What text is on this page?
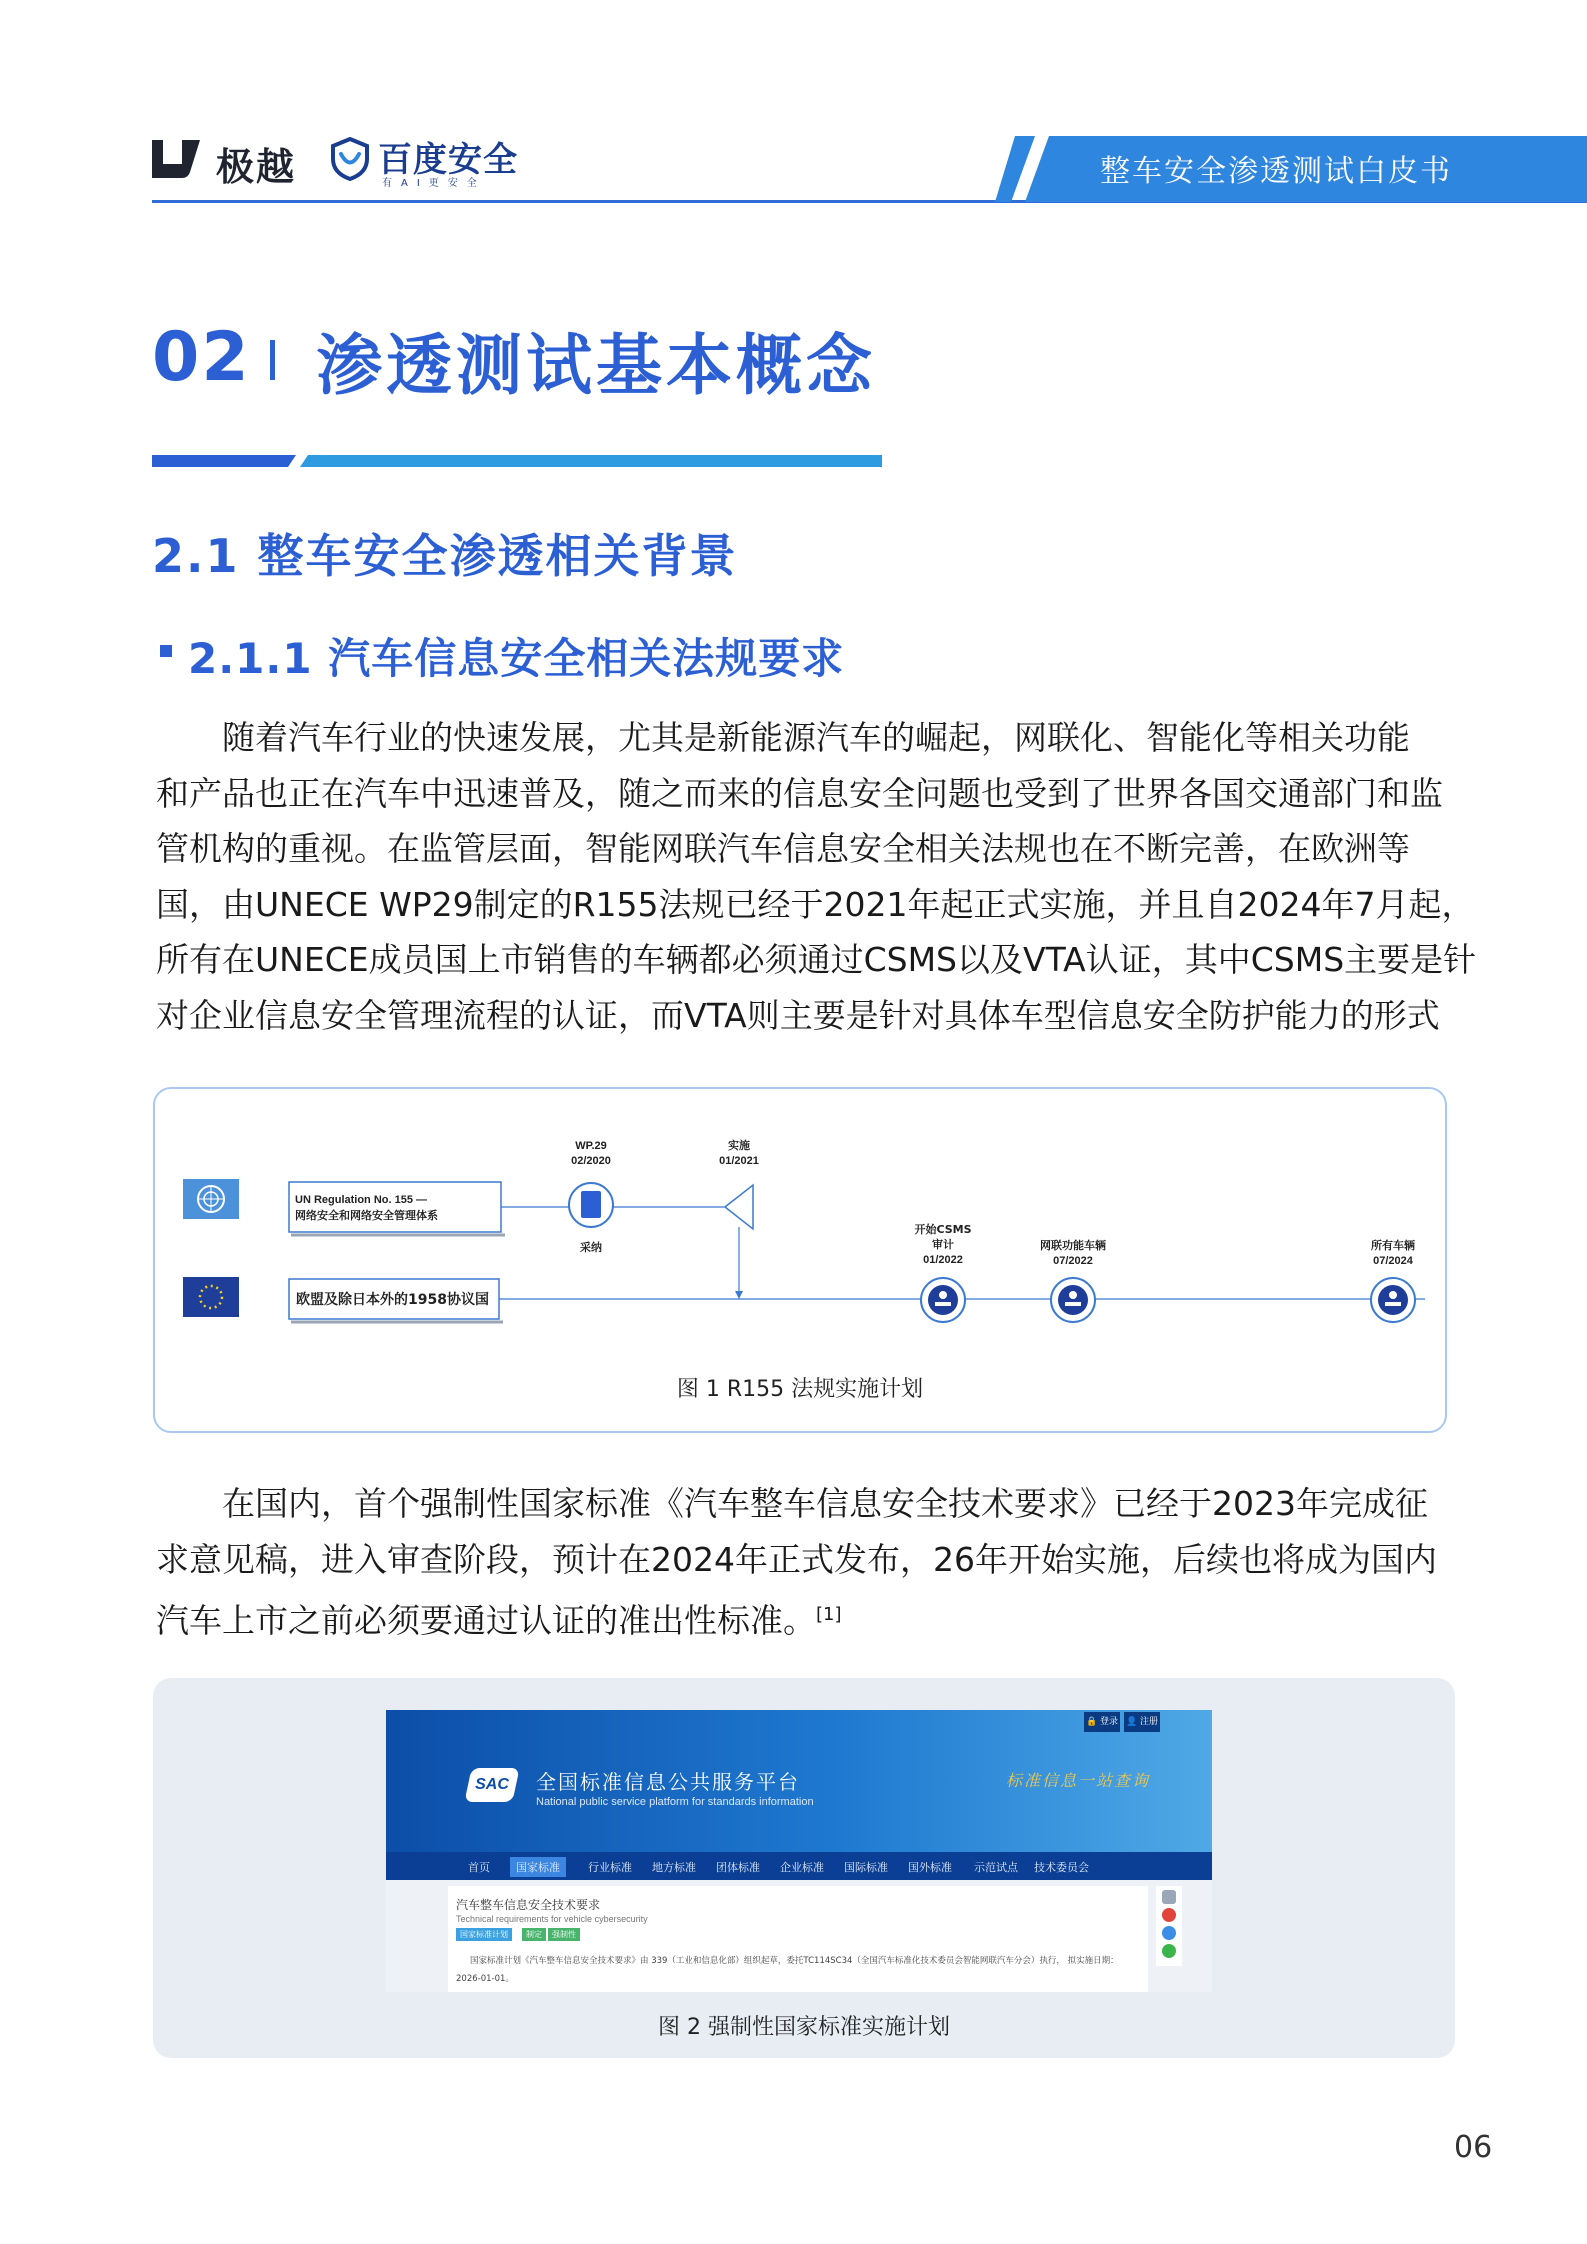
极越 百度安全
有AI更安全	整车安全渗透测试白皮书
02 渗透测试基本概念
2.1 整车安全渗透相关背景
2.1.1 汽车信息安全相关法规要求

随着汽车行业的快速发展，尤其是新能源汽车的崛起，网联化、智能化等相关功能
和产品也正在汽车中迅速普及，随之而来的信息安全问题也受到了世界各国交通部门和监
管机构的重视。在监管层面，智能网联汽车信息安全相关法规也在不断完善，在欧洲等
国，由UNECE WP29制定的R155法规已经于2021年起正式实施，并且自2024年7月起，
所有在UNECE成员国上市销售的车辆都必须通过CSMS以及VTA认证，其中CSMS主要是针
对企业信息安全管理流程的认证，而VTA则主要是针对具体车型信息安全防护能力的形式

UN Regulation No. 155 —
网络安全和网络安全管理体系
欧盟及除日本外的1958协议国
WP.29
02/2020
采纳
实施
01/2021
开始CSMS
审计
01/2022
网联功能车辆
07/2022
所有车辆
07/2024
图 1 R155 法规实施计划

在国内，首个强制性国家标准《汽车整车信息安全技术要求》已经于2023年完成征
求意见稿，进入审查阶段，预计在2024年正式发布，26年开始实施，后续也将成为国内
汽车上市之前必须要通过认证的准出性标准。[1]

SAC	全国标准信息公共服务平台
National public service platform for standards information
标准信息一站查询
🔒 登录 👤 注册
首页	国家标准	行业标准 地方标准 团体标准 企业标准 国际标准 国外标准 示范试点 技术委员会
汽车整车信息安全技术要求
Technical requirements for vehicle cybersecurity
国家标准计划	制定	强制性
国家标准计划《汽车整车信息安全技术要求》由 339（工业和信息化部）组织起草，委托TC114SC34（全国汽车标准化技术委员会智能网联汽车分会）执行， 拟实施日期：
2026-01-01。
图 2 强制性国家标准实施计划
06
